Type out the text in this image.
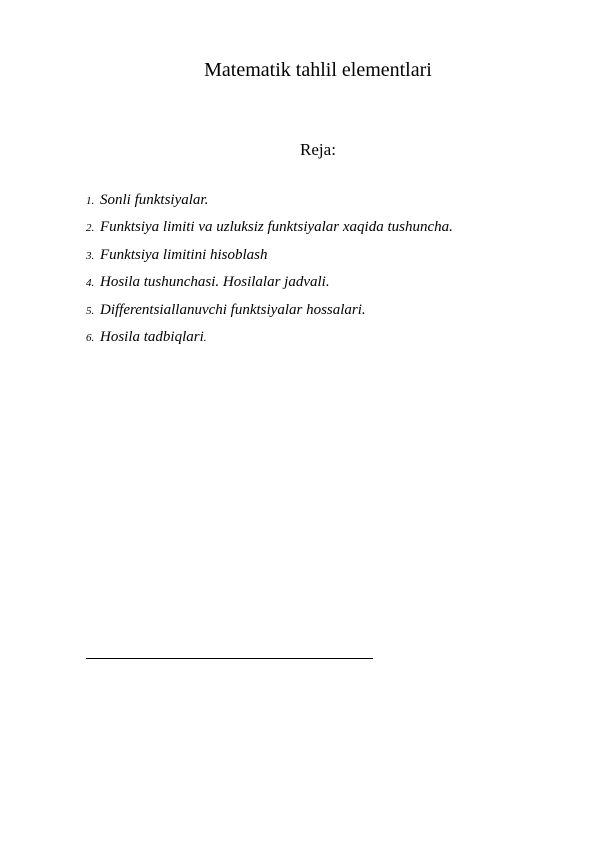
Matematik tahlil elementlari
Reja:
1. Sonli funktsiyalar.
2. Funktsiya limiti va uzluksiz funktsiyalar xaqida tushuncha.
3. Funktsiya limitini hisoblash
4. Hosila tushunchasi. Hosilalar jadvali.
5. Differentsiallanuvchi funktsiyalar hossalari.
6. Hosila tadbiqlari .
